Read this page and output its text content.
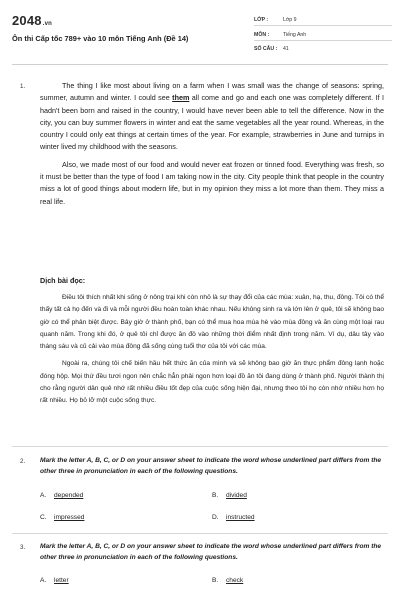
2048.vn
Ôn thi Cấp tốc 789+ vào 10 môn Tiếng Anh (Đề 14)
LỚP :	Lớp 9
MÔN :	Tiếng Anh
SỐ CÂU : 41
1.	The thing I like most about living on a farm when I was small was the change of seasons: spring, summer, autumn and winter. I could see them all come and go and each one was completely different. If I hadn't been born and raised in the country, I would have never been able to tell the difference. Now in the city, you can buy summer flowers in winter and eat the same vegetables all the year round. Whereas, in the country I could only eat things at certain times of the year. For example, strawberries in June and turnips in winter lived my childhood with the seasons.

Also, we made most of our food and would never eat frozen or tinned food. Everything was fresh, so it must be better than the type of food I am taking now in the city. City people think that people in the country miss a lot of good things about modern life, but in my opinion they miss a lot more than them. They miss a real life.

Dịch bài đọc:

Điều tôi thích nhất khi sống ở nông trại khi còn nhỏ là sự thay đổi của các mùa: xuân, hạ, thu, đông. Tôi có thể thấy tất cả họ đến và đi và mỗi người đều hoàn toàn khác nhau. Nếu không sinh ra và lớn lên ở quê, tôi sẽ không bao giờ có thể phân biệt được. Bây giờ ở thành phố, bạn có thể mua hoa mùa hè vào mùa đông và ăn cùng một loại rau quanh năm. Trong khi đó, ở quê tôi chỉ được ăn đồ vào những thời điểm nhất định trong năm. Ví dụ, dâu tây vào tháng sáu và củ cải vào mùa đông đã sống cùng tuổi thơ của tôi với các mùa.

Ngoài ra, chúng tôi chế biến hầu hết thức ăn của mình và sẽ không bao giờ ăn thực phẩm đông lạnh hoặc đóng hộp. Mọi thứ đều tươi ngon nên chắc hẳn phải ngon hơn loại đồ ăn tôi đang dùng ở thành phố. Người thành thị cho rằng người dân quê nhớ rất nhiều điều tốt đẹp của cuộc sống hiện đại, nhưng theo tôi họ còn nhớ nhiều hơn họ rất nhiều. Họ bỏ lỡ một cuộc sống thực.

2. Mark the letter A, B, C, or D on your answer sheet to indicate the word whose underlined part differs from the other three in pronunciation in each of the following questions.
A. depended	B. divided
C. impressed	D. instructed
3. Mark the letter A, B, C, or D on your answer sheet to indicate the word whose underlined part differs from the other three in pronunciation in each of the following questions.
A. letter	B. check
